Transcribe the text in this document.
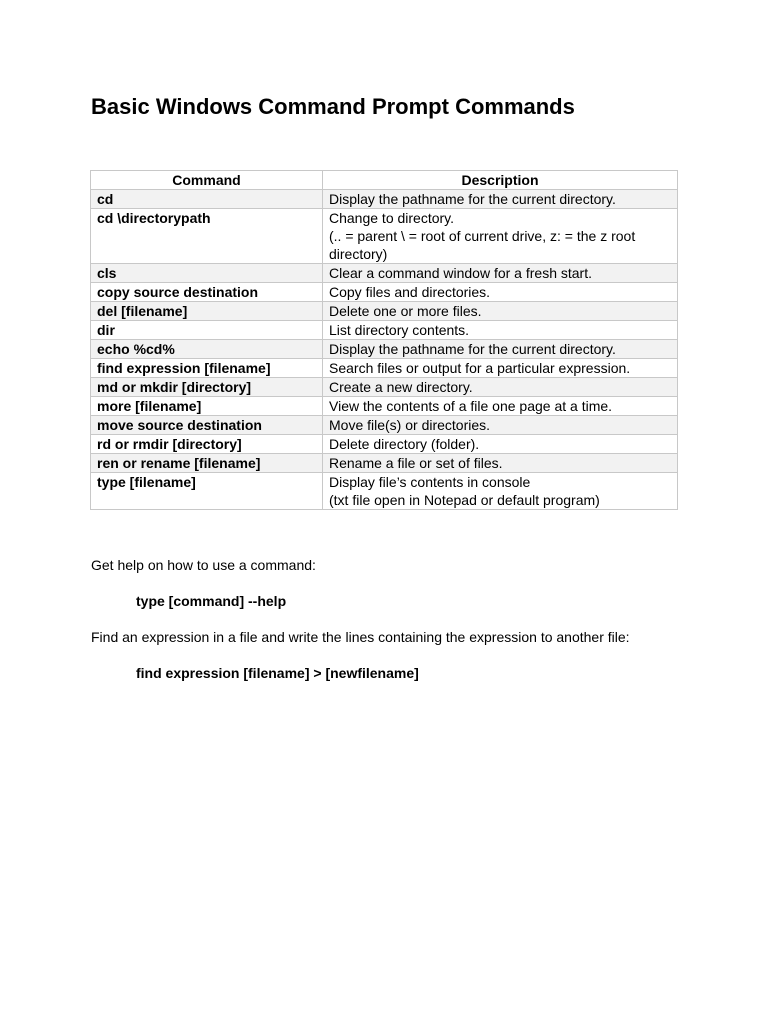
Basic Windows Command Prompt Commands
Command	Description
cd	Display the pathname for the current directory.

cd \directorypath	Change to directory.
(.. = parent \ = root of current drive, z: = the z root
directory)

cls	Clear a command window for a fresh start.

copy source destination	Copy files and directories.

del [filename]	Delete one or more files.

dir	List directory contents.

echo %cd%	Display the pathname for the current directory.

find expression [filename]	Search files or output for a particular expression.

md or mkdir [directory]	Create a new directory.

more [filename]	View the contents of a file one page at a time.

move source destination	Move file(s) or directories.

rd or rmdir [directory]	Delete directory (folder).

ren or rename [filename]	Rename a file or set of files.

type [filename]	Display file’s contents in console
(txt file open in Notepad or default program)

Get help on how to use a command:

type [command] --help

Find an expression in a file and write the lines containing the expression to another file:

find expression [filename] > [newfilename]
